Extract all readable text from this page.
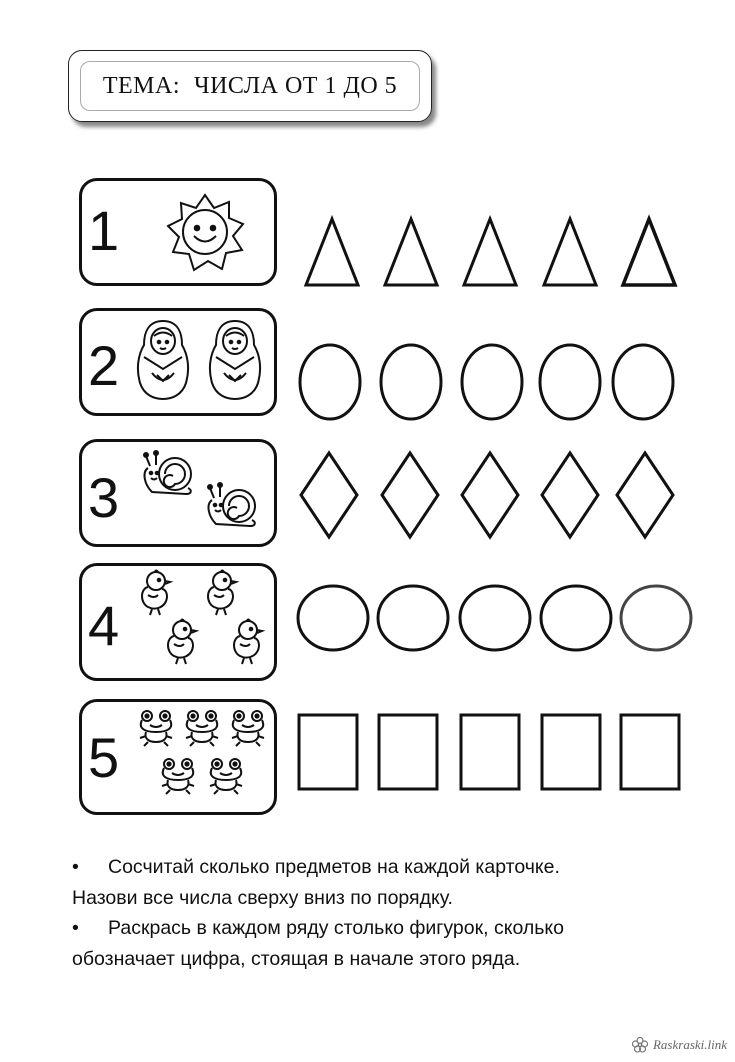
ТЕМА: ЧИСЛА ОТ 1 ДО 5
1
2
3
4
5

• Сосчитай сколько предметов на каждой карточке.

Назови все числа сверху вниз по порядку.

• Раскрась в каждом ряду столько фигурок, сколько

обозначает цифра, стоящая в начале этого ряда.

Raskraski.link
